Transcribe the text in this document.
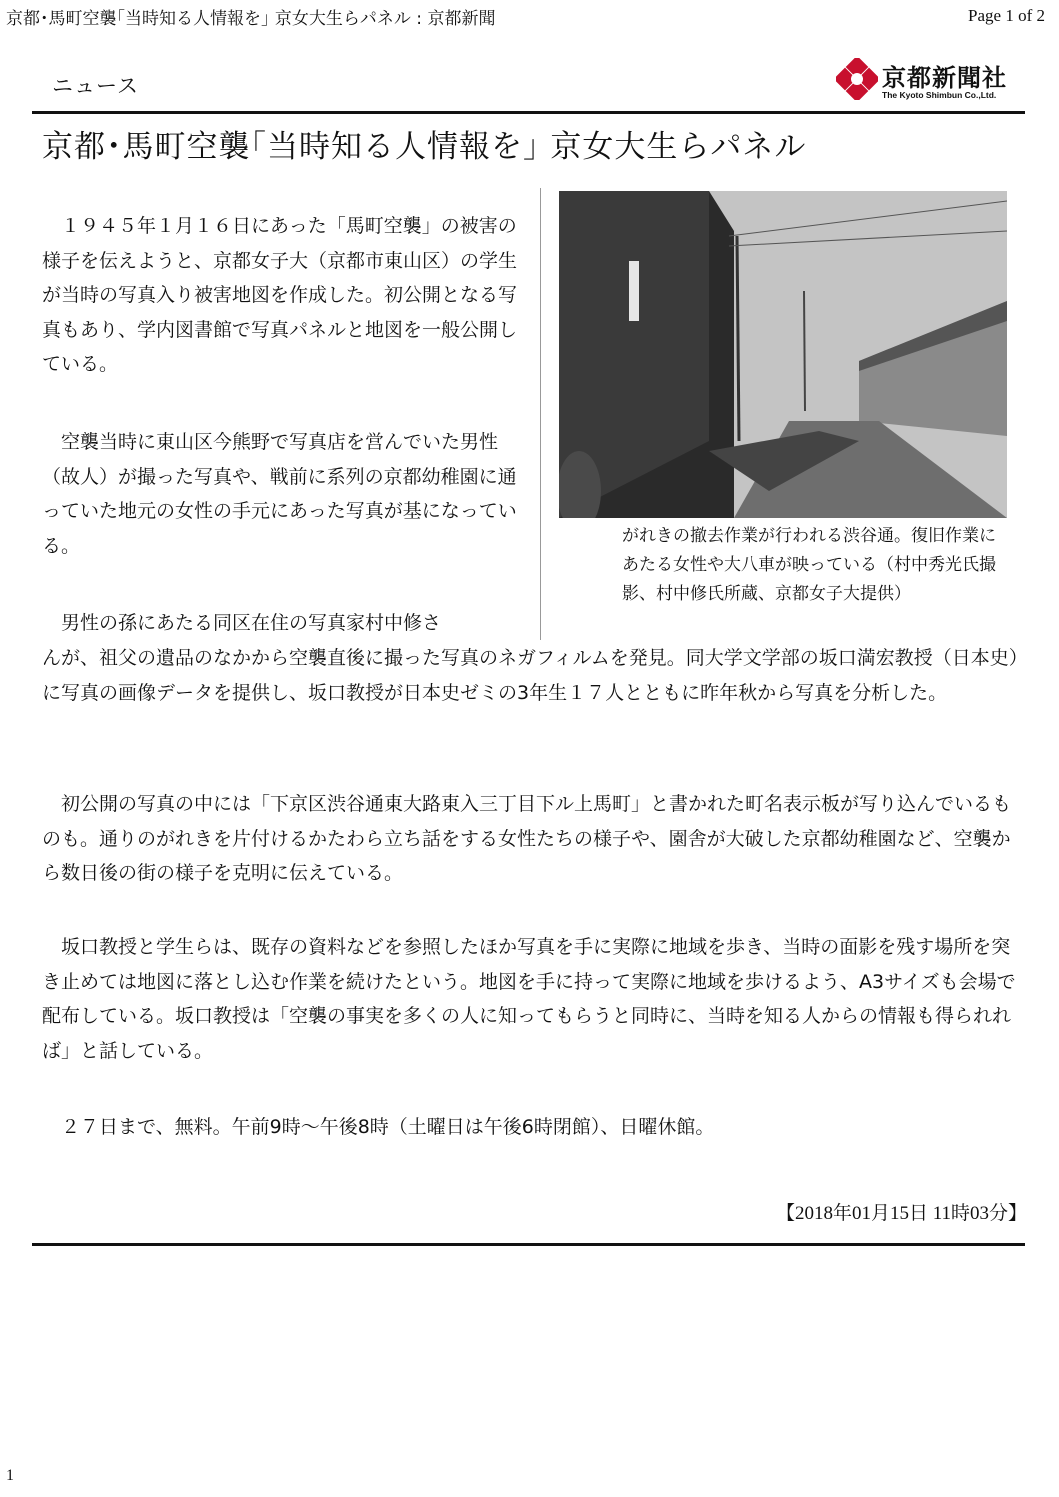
京都･馬町空襲｢当時知る人情報を｣ 京女大生らパネル : 京都新聞	Page 1 of 2
ニュース	京都新聞社
The Kyoto Shimbun Co.,Ltd.
京都･馬町空襲｢当時知る人情報を｣ 京女大生らパネル
がれきの撤去作業が行われる渋谷通。復旧作業にあたる女性や大八車が映っている（村中秀光氏撮影、村中修氏所蔵、京都女子大提供）

　１９４５年１月１６日にあった「馬町空襲」の被害の様子を伝えようと、京都女子大（京都市東山区）の学生が当時の写真入り被害地図を作成した。初公開となる写真もあり、学内図書館で写真パネルと地図を一般公開している。

　空襲当時に東山区今熊野で写真店を営んでいた男性（故人）が撮った写真や、戦前に系列の京都幼稚園に通っていた地元の女性の手元にあった写真が基になっている。

　男性の孫にあたる同区在住の写真家村中修さ

んが、祖父の遺品のなかから空襲直後に撮った写真のネガフィルムを発見。同大学文学部の坂口満宏教授（日本史）に写真の画像データを提供し、坂口教授が日本史ゼミの3年生１７人とともに昨年秋から写真を分析した。

　初公開の写真の中には「下京区渋谷通東大路東入三丁目下ル上馬町」と書かれた町名表示板が写り込んでいるものも。通りのがれきを片付けるかたわら立ち話をする女性たちの様子や、園舎が大破した京都幼稚園など、空襲から数日後の街の様子を克明に伝えている。

　坂口教授と学生らは、既存の資料などを参照したほか写真を手に実際に地域を歩き、当時の面影を残す場所を突き止めては地図に落とし込む作業を続けたという。地図を手に持って実際に地域を歩けるよう、A3サイズも会場で配布している。坂口教授は「空襲の事実を多くの人に知ってもらうと同時に、当時を知る人からの情報も得られれば」と話している。

　２７日まで、無料。午前9時～午後8時（土曜日は午後6時閉館）、日曜休館。

【2018年01月15日 11時03分】
1
